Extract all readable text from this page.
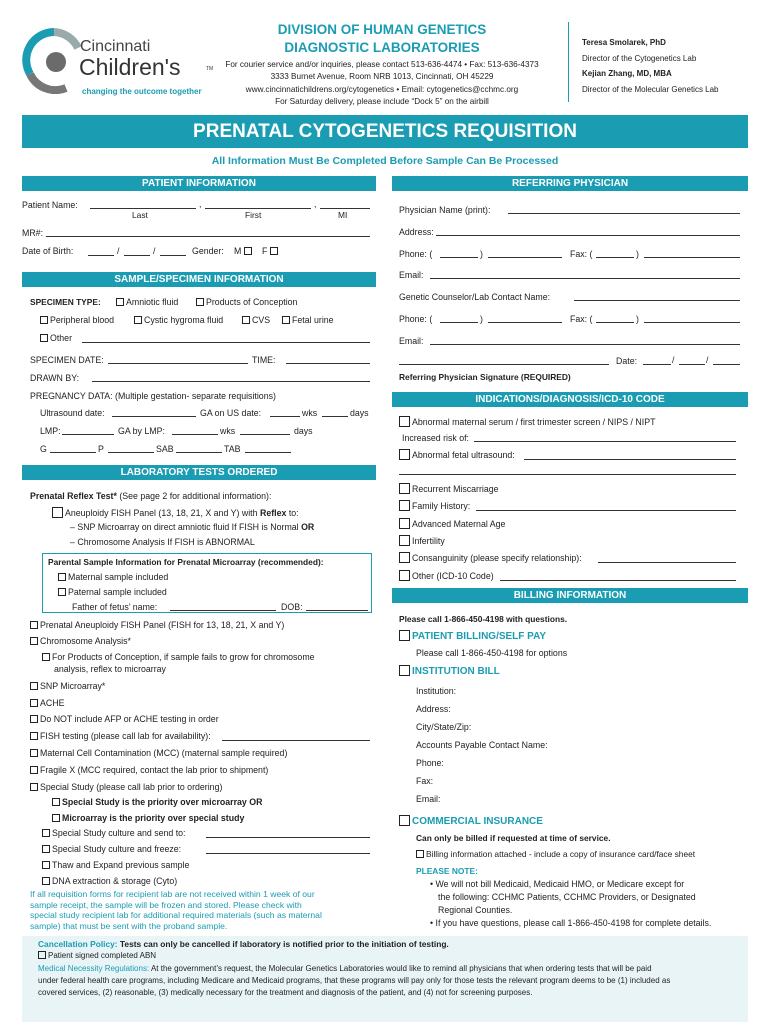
Cincinnati
Children's	TM
changing the outcome together
DIVISION OF HUMAN GENETICS
DIAGNOSTIC LABORATORIES
For courier service and/or inquiries, please contact 513-636-4474 • Fax: 513-636-4373
3333 Burnet Avenue, Room NRB 1013, Cincinnati, OH 45229
www.cincinnatichildrens.org/cytogenetics • Email: cytogenetics@cchmc.org
For Saturday delivery, please include “Dock 5” on the airbill
Teresa Smolarek, PhD
Director of the Cytogenetics Lab
Kejian Zhang, MD, MBA
Director of the Molecular Genetics Lab
PRENATAL CYTOGENETICS REQUISITION
All Information Must Be Completed Before Sample Can Be Processed
PATIENT INFORMATION
Patient Name:	,	,
Last	First	MI
MR#:
Date of Birth:	/	/	Gender: M	F
SAMPLE/SPECIMEN INFORMATION
SPECIMEN TYPE:	Amniotic fluid	Products of Conception
Peripheral blood	Cystic hygroma fluid	CVS	Fetal urine
Other
SPECIMEN DATE:	TIME:
DRAWN BY:
PREGNANCY DATA: (Multiple gestation- separate requisitions)
Ultrasound date:	GA on US date:	wks	days
LMP:	GA by LMP:	wks	days
G	P	SAB	TAB
LABORATORY TESTS ORDERED
Prenatal Reflex Test* (See page 2 for additional information):
Aneuploidy FISH Panel (13, 18, 21, X and Y) with Reflex to:
– SNP Microarray on direct amniotic fluid If FISH is Normal OR
– Chromosome Analysis If FISH is ABNORMAL
Parental Sample Information for Prenatal Microarray (recommended):
Maternal sample included
Paternal sample included
Father of fetus’ name:	DOB:
Prenatal Aneuploidy FISH Panel (FISH for 13, 18, 21, X and Y)
Chromosome Analysis*
For Products of Conception, if sample fails to grow for chromosome
analysis, reflex to microarray
SNP Microarray*
ACHE
Do NOT include AFP or ACHE testing in order
FISH testing (please call lab for availability):
Maternal Cell Contamination (MCC) (maternal sample required)
Fragile X (MCC required, contact the lab prior to shipment)
Special Study (please call lab prior to ordering)
Special Study is the priority over microarray OR
Microarray is the priority over special study
Special Study culture and send to:
Special Study culture and freeze:
Thaw and Expand previous sample
DNA extraction & storage (Cyto)
If all requisition forms for recipient lab are not received within 1 week of our
sample receipt, the sample will be frozen and stored. Please check with
special study recipient lab for additional required materials (such as maternal
sample) that must be sent with the proband sample.
REFERRING PHYSICIAN
Physician Name (print):
Address:
Phone: (	)	Fax: (	)
Email:
Genetic Counselor/Lab Contact Name:
Phone: (	)	Fax: (	)
Email:
Date:	/	/
Referring Physician Signature (REQUIRED)
INDICATIONS/DIAGNOSIS/ICD-10 CODE
Abnormal maternal serum / first trimester screen / NIPS / NIPT
Increased risk of:
Abnormal fetal ultrasound:
Recurrent Miscarriage
Family History:
Advanced Maternal Age
Infertility
Consanguinity (please specify relationship):
Other (ICD-10 Code)
BILLING INFORMATION
Please call 1-866-450-4198 with questions.
PATIENT BILLING/SELF PAY
Please call 1-866-450-4198 for options
INSTITUTION BILL
Institution:
Address:
City/State/Zip:
Accounts Payable Contact Name:
Phone:
Fax:
Email:
COMMERCIAL INSURANCE
Can only be billed if requested at time of service.
Billing information attached - include a copy of insurance card/face sheet
PLEASE NOTE:
• We will not bill Medicaid, Medicaid HMO, or Medicare except for
the following: CCHMC Patients, CCHMC Providers, or Designated
Regional Counties.
• If you have questions, please call 1-866-450-4198 for complete details.
Cancellation Policy: Tests can only be cancelled if laboratory is notified prior to the initiation of testing.
Patient signed completed ABN
Medical Necessity Regulations: At the government’s request, the Molecular Genetics Laboratories would like to remind all physicians that when ordering tests that will be paid
under federal health care programs, including Medicare and Medicaid programs, that these programs will pay only for those tests the relevant program deems to be (1) included as
covered services, (2) reasonable, (3) medically necessary for the treatment and diagnosis of the patient, and (4) not for screening purposes.
